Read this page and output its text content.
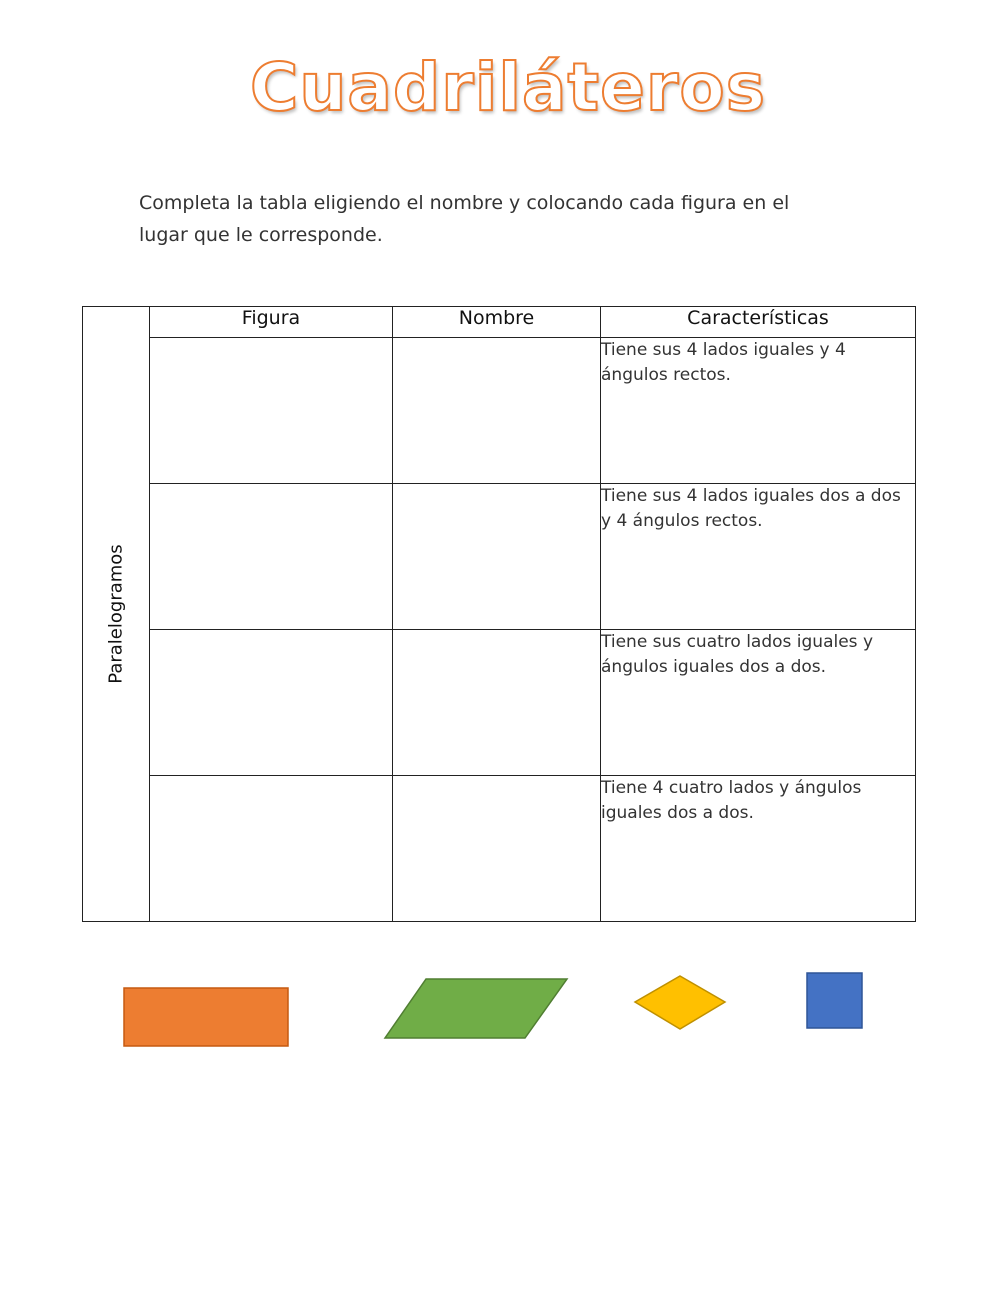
Cuadriláteros
Completa la tabla eligiendo el nombre y colocando cada figura en el lugar que le corresponde.
Paralelogramos	Figura	Nombre	Características
			Tiene sus 4 lados iguales y 4 ángulos rectos.
			Tiene sus 4 lados iguales dos a dos y 4 ángulos rectos.
			Tiene sus cuatro lados iguales y ángulos iguales dos a dos.
			Tiene 4 cuatro lados y ángulos iguales dos a dos.
